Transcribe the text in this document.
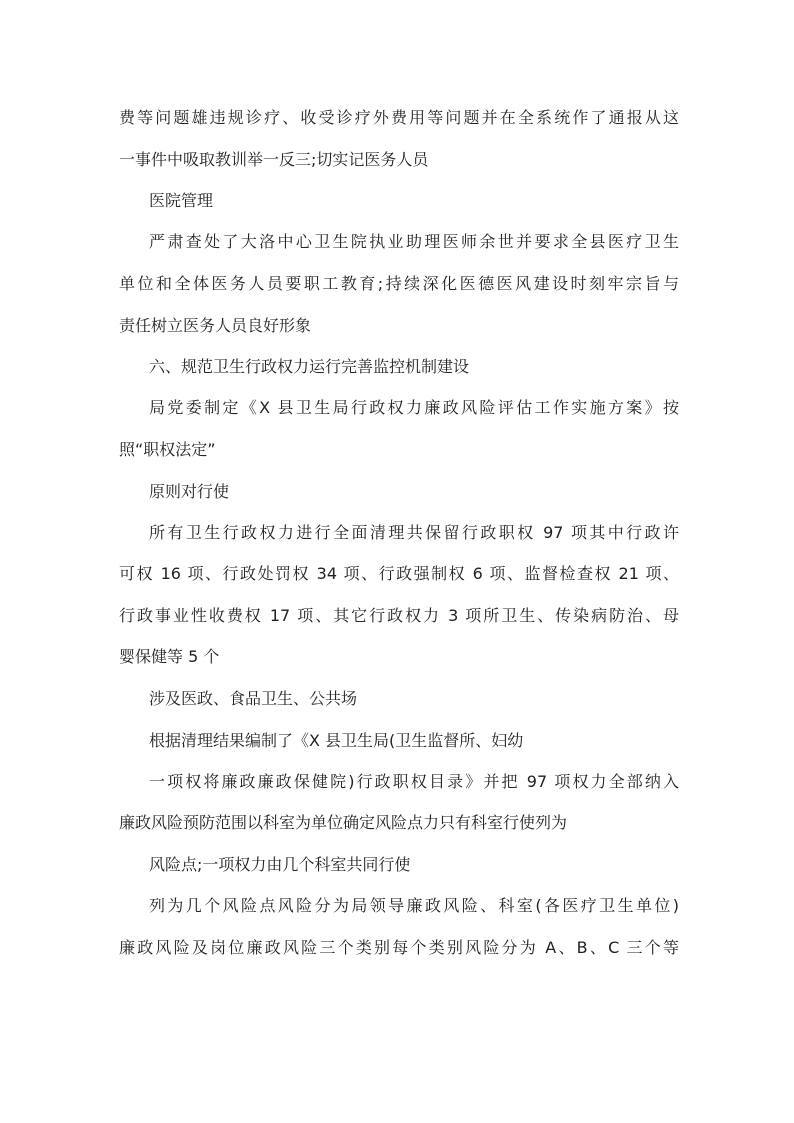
费等问题雄违规诊疗、收受诊疗外费用等问题并在全系统作了通报从这
一事件中吸取教训举一反三;切实记医务人员
医院管理
严肃查处了大洛中心卫生院执业助理医师余世并要求全县医疗卫生
单位和全体医务人员要职工教育;持续深化医德医风建设时刻牢宗旨与
责任树立医务人员良好形象
六、规范卫生行政权力运行完善监控机制建设
局党委制定《X 县卫生局行政权力廉政风险评估工作实施方案》按
照“职权法定”
原则对行使
所有卫生行政权力进行全面清理共保留行政职权 97 项其中行政许
可权 16 项、行政处罚权 34 项、行政强制权 6 项、监督检查权 21 项、
行政事业性收费权 17 项、其它行政权力 3 项所卫生、传染病防治、母
婴保健等 5 个
涉及医政、食品卫生、公共场
根据清理结果编制了《X 县卫生局(卫生监督所、妇幼
一项权将廉政廉政保健院)行政职权目录》并把 97 项权力全部纳入
廉政风险预防范围以科室为单位确定风险点力只有科室行使列为
风险点;一项权力由几个科室共同行使
列为几个风险点风险分为局领导廉政风险、科室(各医疗卫生单位)
廉政风险及岗位廉政风险三个类别每个类别风险分为 A、B、C 三个等
